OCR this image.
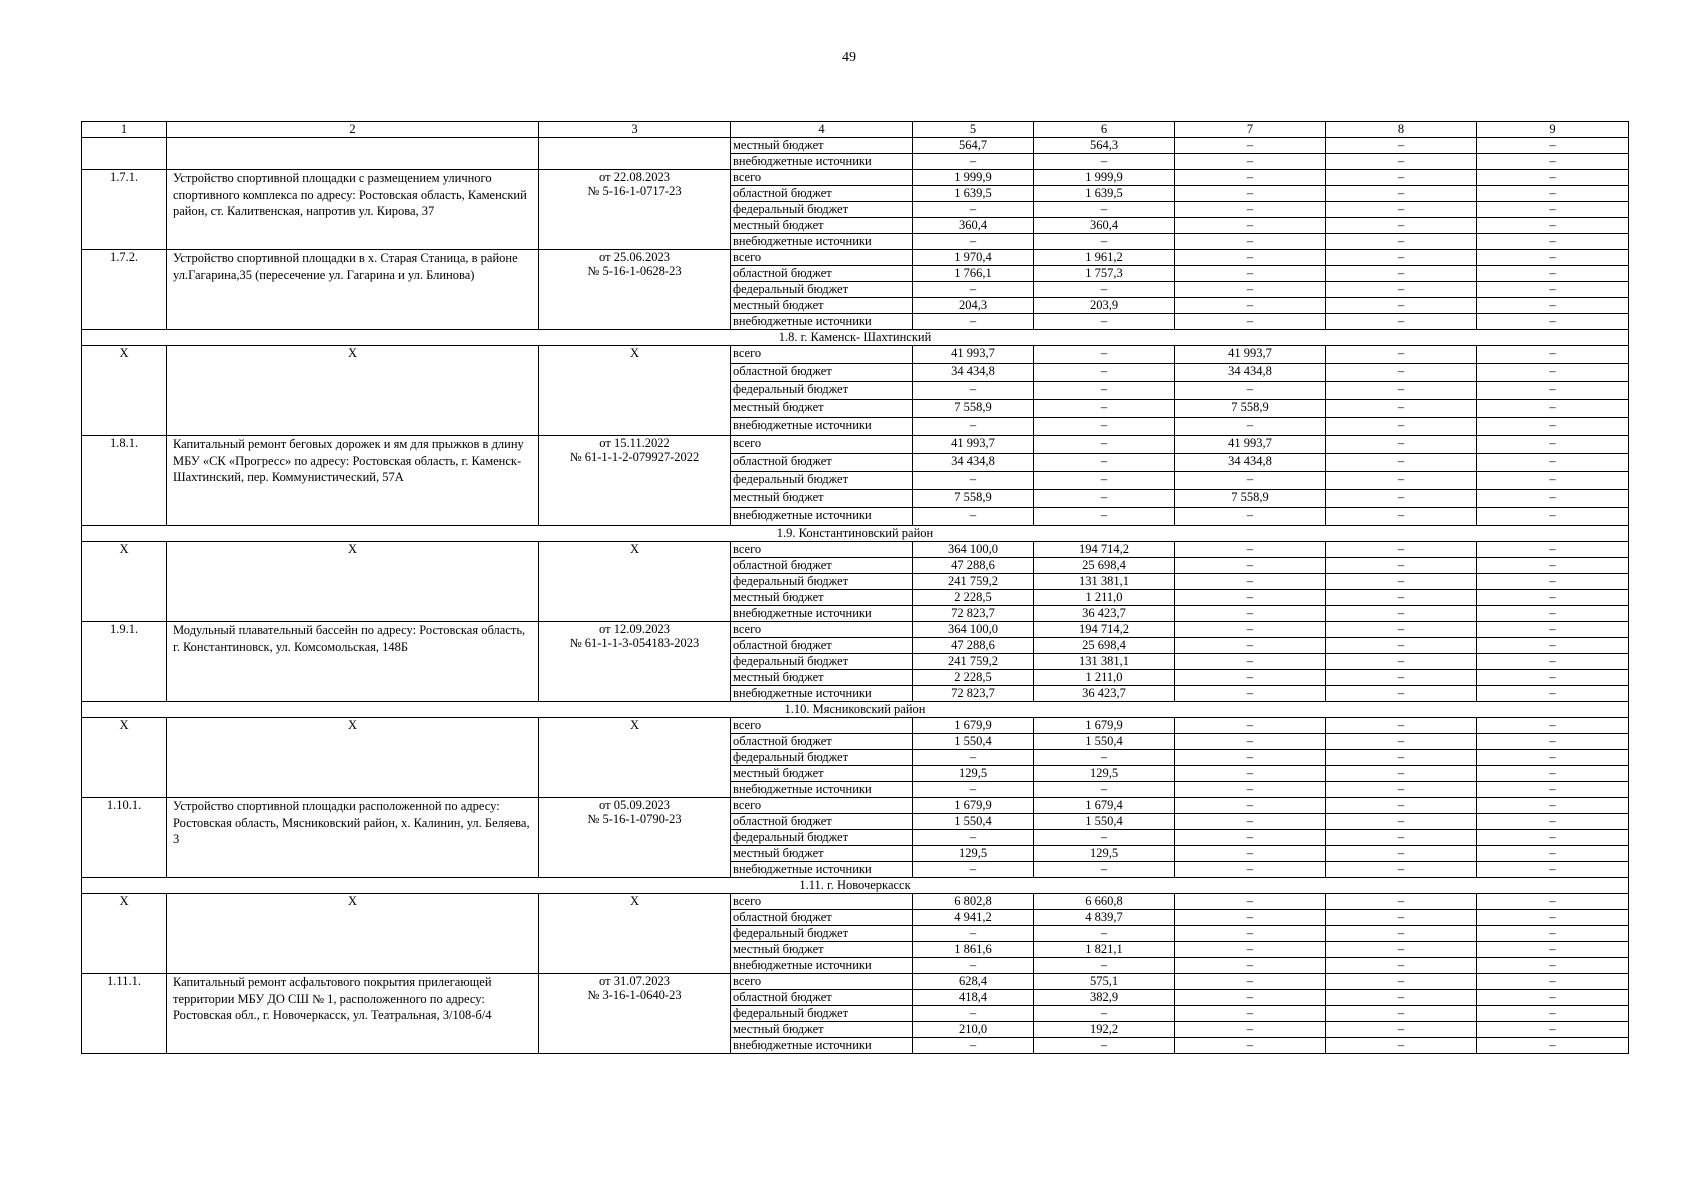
49
1	2	3	4	5	6	7	8	9
			местный бюджет	564,7	564,3	–	–	–
			внебюджетные источники	–	–	–	–	–
1.7.1.	Устройство спортивной площадки с размещением уличного спортивного комплекса по адресу: Ростовская область, Каменский район, ст. Калитвенская, напротив ул. Кирова, 37	от 22.08.2023
№ 5-16-1-0717-23	всего	1 999,9	1 999,9	–	–	–
			областной бюджет	1 639,5	1 639,5	–	–	–
			федеральный бюджет	–	–	–	–	–
			местный бюджет	360,4	360,4	–	–	–
			внебюджетные источники	–	–	–	–	–
1.7.2.	Устройство спортивной площадки в х. Старая Станица, в районе ул.Гагарина,35 (пересечение ул. Гагарина и ул. Блинова)	от 25.06.2023
№ 5-16-1-0628-23	всего	1 970,4	1 961,2	–	–	–
			областной бюджет	1 766,1	1 757,3	–	–	–
			федеральный бюджет	–	–	–	–	–
			местный бюджет	204,3	203,9	–	–	–
			внебюджетные источники	–	–	–	–	–
1.8. г. Каменск- Шахтинский								
Х	Х	Х	всего	41 993,7	–	41 993,7	–	–
			областной бюджет	34 434,8	–	34 434,8	–	–
			федеральный бюджет	–	–	–	–	–
			местный бюджет	7 558,9	–	7 558,9	–	–
			внебюджетные источники	–	–	–	–	–
1.8.1.	Капитальный ремонт беговых дорожек и ям для прыжков в длину МБУ «СК «Прогресс» по адресу: Ростовская область, г. Каменск-Шахтинский, пер. Коммунистический, 57А	от 15.11.2022
№ 61-1-1-2-079927-2022	всего	41 993,7	–	41 993,7	–	–
			областной бюджет	34 434,8	–	34 434,8	–	–
			федеральный бюджет	–	–	–	–	–
			местный бюджет	7 558,9	–	7 558,9	–	–
			внебюджетные источники	–	–	–	–	–
1.9. Константиновский район								
Х	Х	Х	всего	364 100,0	194 714,2	–	–	–
			областной бюджет	47 288,6	25 698,4	–	–	–
			федеральный бюджет	241 759,2	131 381,1	–	–	–
			местный бюджет	2 228,5	1 211,0	–	–	–
			внебюджетные источники	72 823,7	36 423,7	–	–	–
1.9.1.	Модульный плавательный бассейн по адресу: Ростовская область, г. Константиновск, ул. Комсомольская, 148Б	от 12.09.2023
№ 61-1-1-3-054183-2023	всего	364 100,0	194 714,2	–	–	–
			областной бюджет	47 288,6	25 698,4	–	–	–
			федеральный бюджет	241 759,2	131 381,1	–	–	–
			местный бюджет	2 228,5	1 211,0	–	–	–
			внебюджетные источники	72 823,7	36 423,7	–	–	–
1.10. Мясниковский район								
Х	Х	Х	всего	1 679,9	1 679,9	–	–	–
			областной бюджет	1 550,4	1 550,4	–	–	–
			федеральный бюджет	–	–	–	–	–
			местный бюджет	129,5	129,5	–	–	–
			внебюджетные источники	–	–	–	–	–
1.10.1.	Устройство спортивной площадки расположенной по адресу: Ростовская область, Мясниковский район, х. Калинин, ул. Беляева, 3	от 05.09.2023
№ 5-16-1-0790-23	всего	1 679,9	1 679,4	–	–	–
			областной бюджет	1 550,4	1 550,4	–	–	–
			федеральный бюджет	–	–	–	–	–
			местный бюджет	129,5	129,5	–	–	–
			внебюджетные источники	–	–	–	–	–
1.11. г. Новочеркасск								
Х	Х	Х	всего	6 802,8	6 660,8	–	–	–
			областной бюджет	4 941,2	4 839,7	–	–	–
			федеральный бюджет	–	–	–	–	–
			местный бюджет	1 861,6	1 821,1	–	–	–
			внебюджетные источники	–	–	–	–	–
1.11.1.	Капитальный ремонт асфальтового покрытия прилегающей территории МБУ ДО СШ № 1, расположенного по адресу: Ростовская обл., г. Новочеркасск, ул. Театральная, 3/108-б/4	от 31.07.2023
№ 3-16-1-0640-23	всего	628,4	575,1	–	–	–
			областной бюджет	418,4	382,9	–	–	–
			федеральный бюджет	–	–	–	–	–
			местный бюджет	210,0	192,2	–	–	–
			внебюджетные источники	–	–	–	–	–
